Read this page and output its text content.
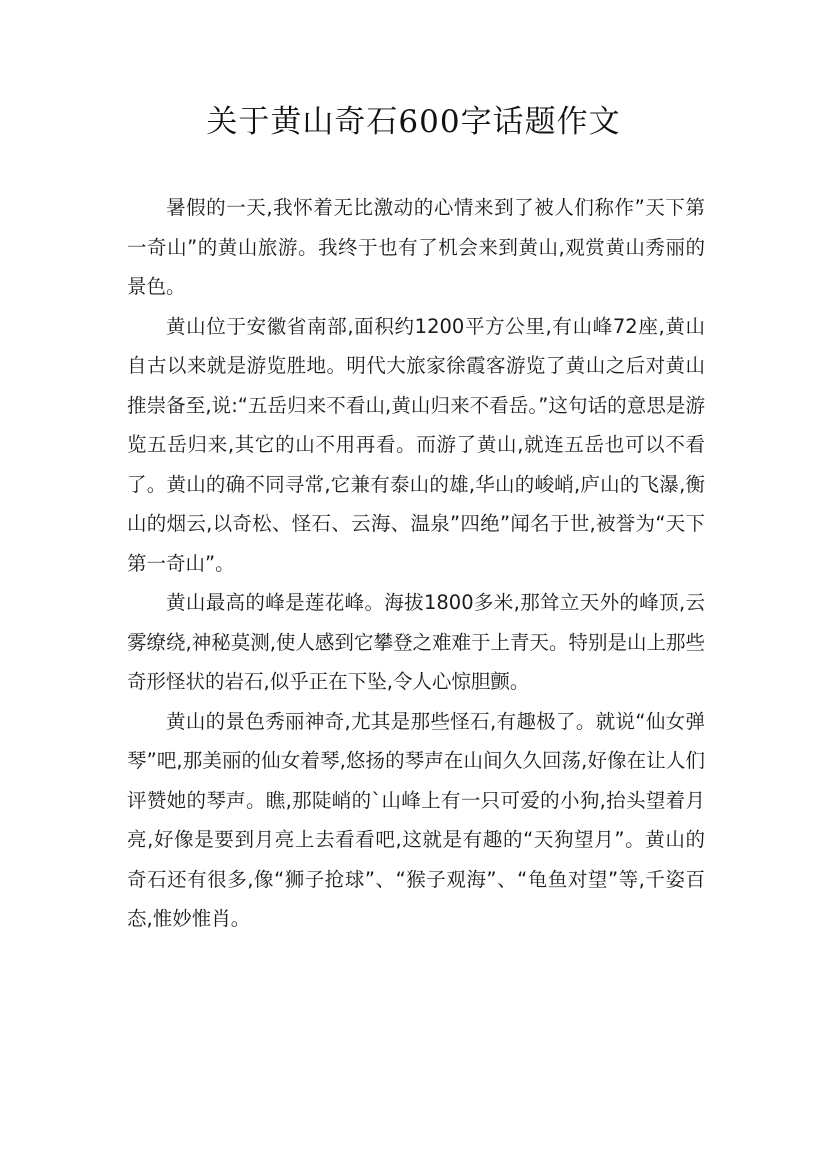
关于黄山奇石600字话题作文

暑假的一天,我怀着无比激动的心情来到了被人们称作”天下第一奇山”的黄山旅游。我终于也有了机会来到黄山,观赏黄山秀丽的景色。

黄山位于安徽省南部,面积约1200平方公里,有山峰72座,黄山自古以来就是游览胜地。明代大旅家徐霞客游览了黄山之后对黄山推崇备至,说:“五岳归来不看山,黄山归来不看岳。”这句话的意思是游览五岳归来,其它的山不用再看。而游了黄山,就连五岳也可以不看了。黄山的确不同寻常,它兼有泰山的雄,华山的峻峭,庐山的飞瀑,衡山的烟云,以奇松、怪石、云海、温泉”四绝”闻名于世,被誉为“天下第一奇山”。

黄山最高的峰是莲花峰。海拔1800多米,那耸立天外的峰顶,云雾缭绕,神秘莫测,使人感到它攀登之难难于上青天。特别是山上那些奇形怪状的岩石,似乎正在下坠,令人心惊胆颤。

黄山的景色秀丽神奇,尤其是那些怪石,有趣极了。就说“仙女弹琴”吧,那美丽的仙女着琴,悠扬的琴声在山间久久回荡,好像在让人们评赞她的琴声。瞧,那陡峭的`山峰上有一只可爱的小狗,抬头望着月亮,好像是要到月亮上去看看吧,这就是有趣的“天狗望月”。黄山的奇石还有很多,像“狮子抢球”、“猴子观海”、“龟鱼对望”等,千姿百态,惟妙惟肖。
